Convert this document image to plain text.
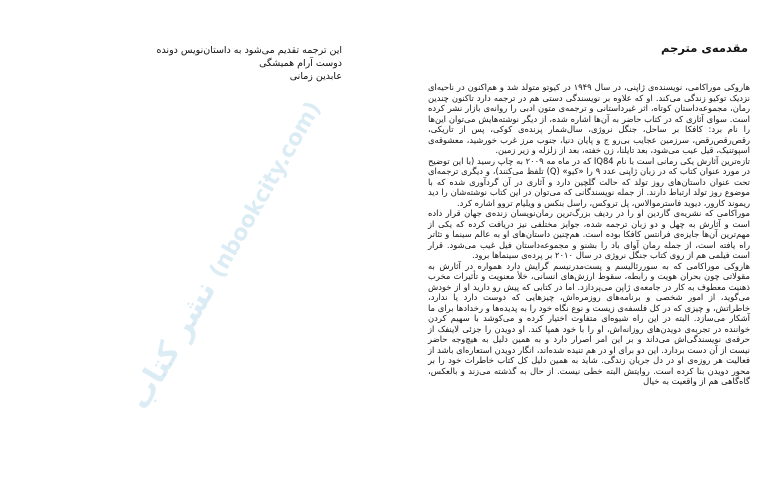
این ترجمه تقدیم می‌شود به داستان‌نویس دونده
دوست آرام همیشگی
عابدین زمانی
مقدمه‌ی مترجم

هاروکی موراکامی، نویسنده‌ی ژاپنی، در سال ۱۹۴۹ در کیوتو متولد شد و هم‌اکنون در ناحیه‌ای نزدیک توکیو زندگی می‌کند. او که علاوه بر نویسندگی دستی هم در ترجمه دارد تاکنون چندین رمان، مجموعه‌داستان کوتاه، اثر غیرداستانی و ترجمه‌ی متون ادبی را روانه‌ی بازار نشر کرده است. سوای آثاری که در کتاب حاضر به آن‌ها اشاره شده، از دیگر نوشته‌هایش می‌توان این‌ها را نام برد: کافکا بر ساحل، جنگل نروژی، سال‌شمار پرنده‌ی کوکی، پس از تاریکی، رقص‌رقص‌رقص، سرزمین عجایب بی‌رو ج و پایان دنیا، جنوب مرز غرب خورشید، معشوقه‌ی اسپوتنیک، قیل عیب می‌شود، بعد تایلنا، زن خفته، بعد از زلزله و زیر زمین.

تازه‌ترین آثارش یکی رمانی است با نام IQ84 که در ماه مه ۲۰۰۹ به چاپ رسید (با این توضیح در مورد عنوان کتاب که در زبان ژاپنی عدد ۹ را «کیو» (Q) تلفظ می‌کنند)، و دیگری ترجمه‌ای تحت عنوان داستان‌های روز تولد که حالت گلچین دارد و آثاری در آن گردآوری شده که با موضوع روز تولد ارتباط دارند. از جمله نویسندگانی که می‌توان در این کتاب نوشته‌شان را دید ریموند کارور، دیوید فاسترموالاس، پل تروکس، راسل بنکس و ویلیام تروو اشاره کرد.

موراکامی که نشریه‌ی گاردین او را در ردیف بزرگ‌ترین رمان‌نویسان زنده‌ی جهان قرار داده است و آثارش به چهل و دو زبان ترجمه شده، جوایز مختلفی نیز دریافت کرده که یکی از مهم‌ترین آن‌ها جایزه‌ی فرانتس کافکا بوده است. هم‌چنین داستان‌های او به عالم سینما و تئاتر راه یافته است، از جمله رمان آوای باد را بشنو و مجموعه‌داستان فیل غیب می‌شود. قرار است فیلمی هم از روی کتاب جنگل نروژی در سال ۲۰۱۰ بر پرده‌ی سینماها برود.

هاروکی موراکامی که به سوررئالیسم و پست‌مدرنیسم گرایش دارد همواره در آثارش به مقولاتی چون بحران هویت و رابطه، سقوط ارزش‌های انسانی، خلأ معنویت و تأثیرات مخرب ذهنیت معطوف به کار در جامعه‌ی ژاپن می‌پردازد. اما در کتابی که پیش رو دارید او از خودش می‌گوید، از امور شخصی و برنامه‌های روزمره‌اش، چیزهایی که دوست دارد یا ندارد، خاطراتش، و چیزی که در کل فلسفه‌ی زیست و نوع نگاه خود را به پدیده‌ها و رخدادها برای ما آشکار می‌سازد. البته در این راه شیوه‌ای متفاوت اختیار کرده و می‌کوشد با سهیم کردن خواننده در تجربه‌ی دویدن‌های روزانه‌اش، او را با خود همپا کند. او دویدن را جزئی لاینفک از حرفه‌ی نویسندگی‌اش می‌داند و بر این امر اصرار دارد و به همین دلیل به هیچ‌وجه حاضر نیست از آن دست بردارد. این دو برای او در هم تنیده شده‌اند، انگار دویدن استعاره‌ای باشد از فعالیت هر روزه‌ی او در دل جریان زندگی. شاید به همین دلیل کل کتاب خاطرات خود را بر محور دویدن بنا کرده است. روایتش البته خطی نیست. از حال به گذشته می‌زند و بالعکس، گاه‌گاهی هم از واقعیت به خیال

نشر کتاب (nbookcity.com)
